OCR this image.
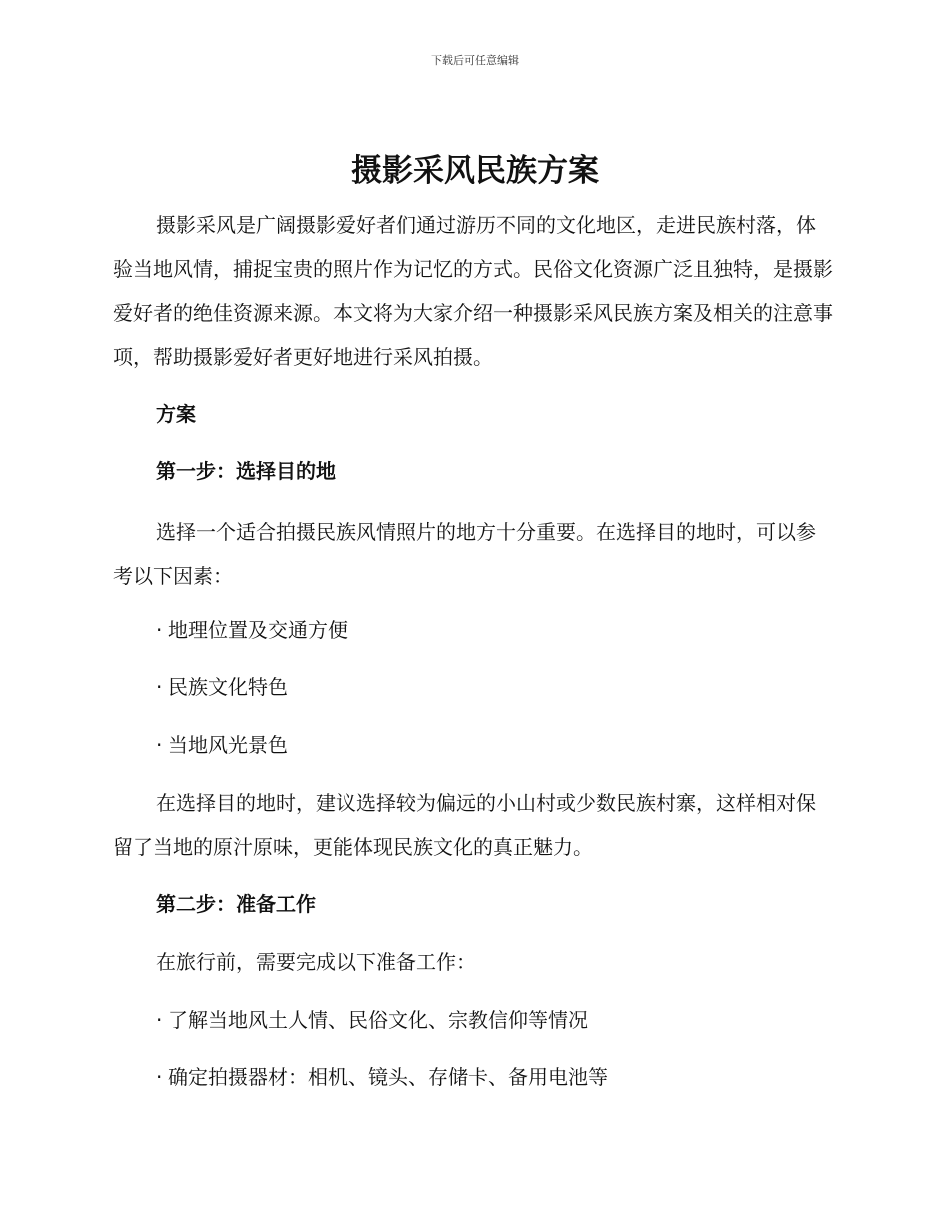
下载后可任意编辑
摄影采风民族方案

摄影采风是广阔摄影爱好者们通过游历不同的文化地区，走进民族村落，体验当地风情，捕捉宝贵的照片作为记忆的方式。民俗文化资源广泛且独特，是摄影爱好者的绝佳资源来源。本文将为大家介绍一种摄影采风民族方案及相关的注意事项，帮助摄影爱好者更好地进行采风拍摄。

方案

第一步：选择目的地

选择一个适合拍摄民族风情照片的地方十分重要。在选择目的地时，可以参考以下因素：

· 地理位置及交通方便

· 民族文化特色

· 当地风光景色

在选择目的地时，建议选择较为偏远的小山村或少数民族村寨，这样相对保留了当地的原汁原味，更能体现民族文化的真正魅力。

第二步：准备工作

在旅行前，需要完成以下准备工作：

· 了解当地风土人情、民俗文化、宗教信仰等情况

· 确定拍摄器材：相机、镜头、存储卡、备用电池等
